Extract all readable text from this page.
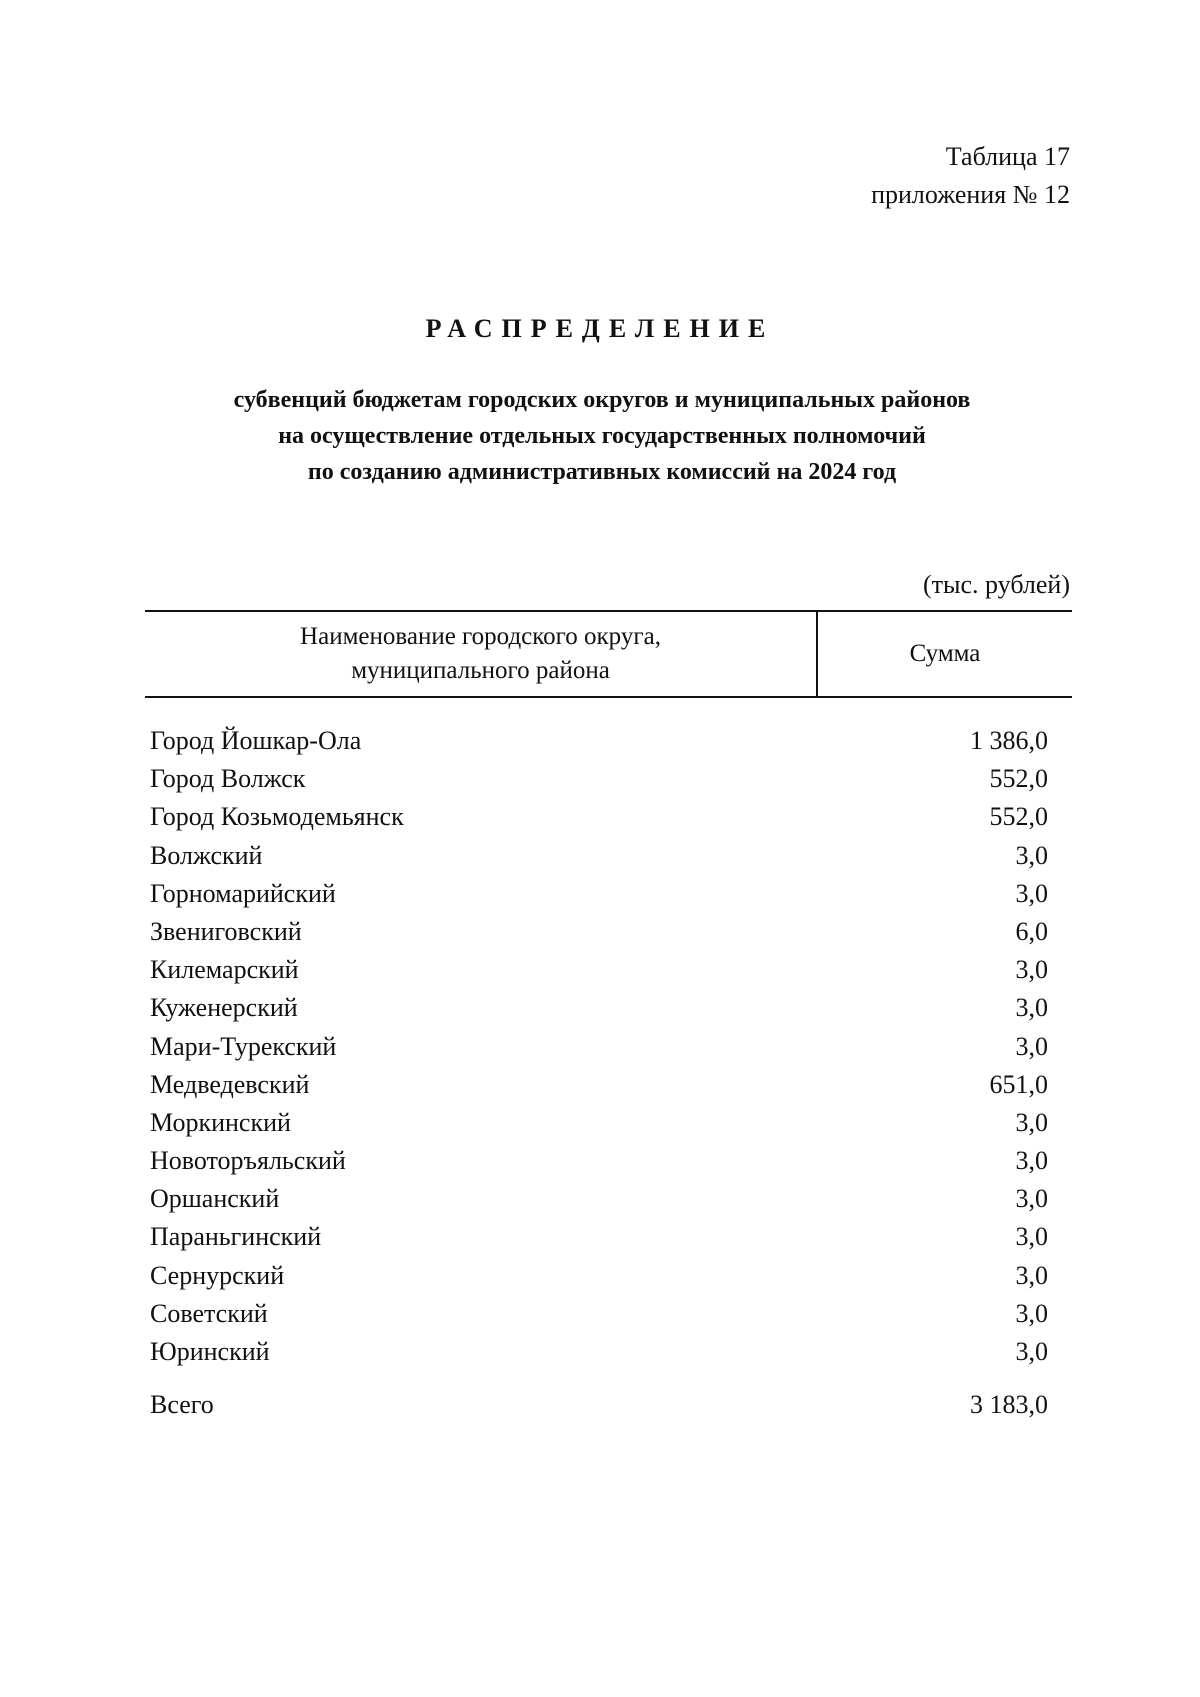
Таблица 17
приложения № 12
РАСПРЕДЕЛЕНИЕ
субвенций бюджетам городских округов и муниципальных районов
на осуществление отдельных государственных полномочий
по созданию административных комиссий на 2024 год
(тыс. рублей)
Наименование городского округа,
муниципального района
Сумма
Город Йошкар-Ола	1 386,0
Город Волжск	552,0
Город Козьмодемьянск	552,0
Волжский	3,0
Горномарийский	3,0
Звениговский	6,0
Килемарский	3,0
Куженерский	3,0
Мари-Турекский	3,0
Медведевский	651,0
Моркинский	3,0
Новоторъяльский	3,0
Оршанский	3,0
Параньгинский	3,0
Сернурский	3,0
Советский	3,0
Юринский	3,0
Всего	3 183,0
